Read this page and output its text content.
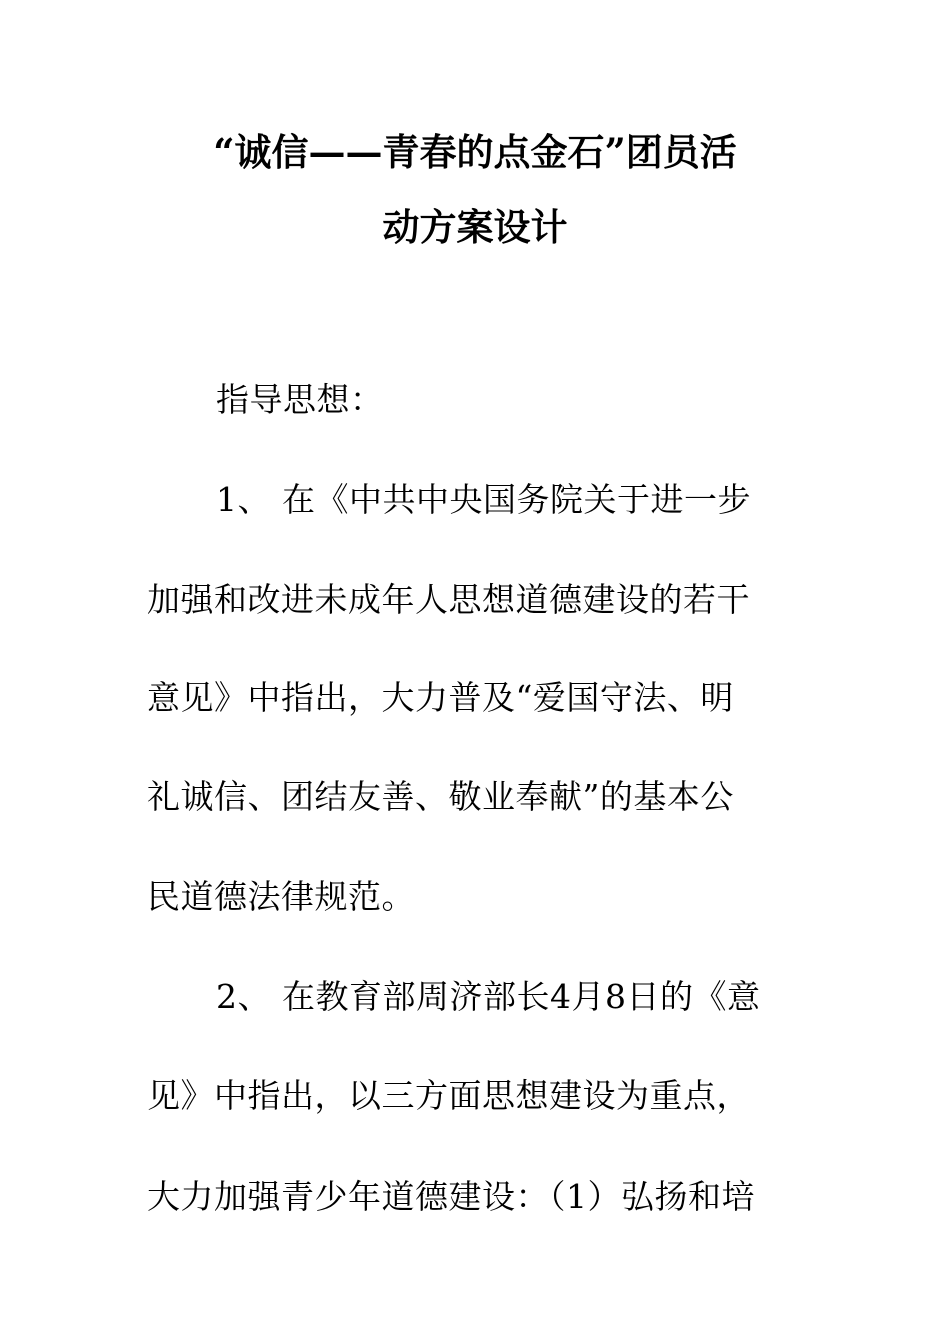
“诚信——青春的点金石”团员活
动方案设计
指导思想：
1、 在《中共中央国务院关于进一步
加强和改进未成年人思想道德建设的若干
意见》中指出，大力普及“爱国守法、明
礼诚信、团结友善、敬业奉献”的基本公
民道德法律规范。
2、 在教育部周济部长4月8日的《意
见》中指出，以三方面思想建设为重点，
大力加强青少年道德建设：（1）弘扬和培
